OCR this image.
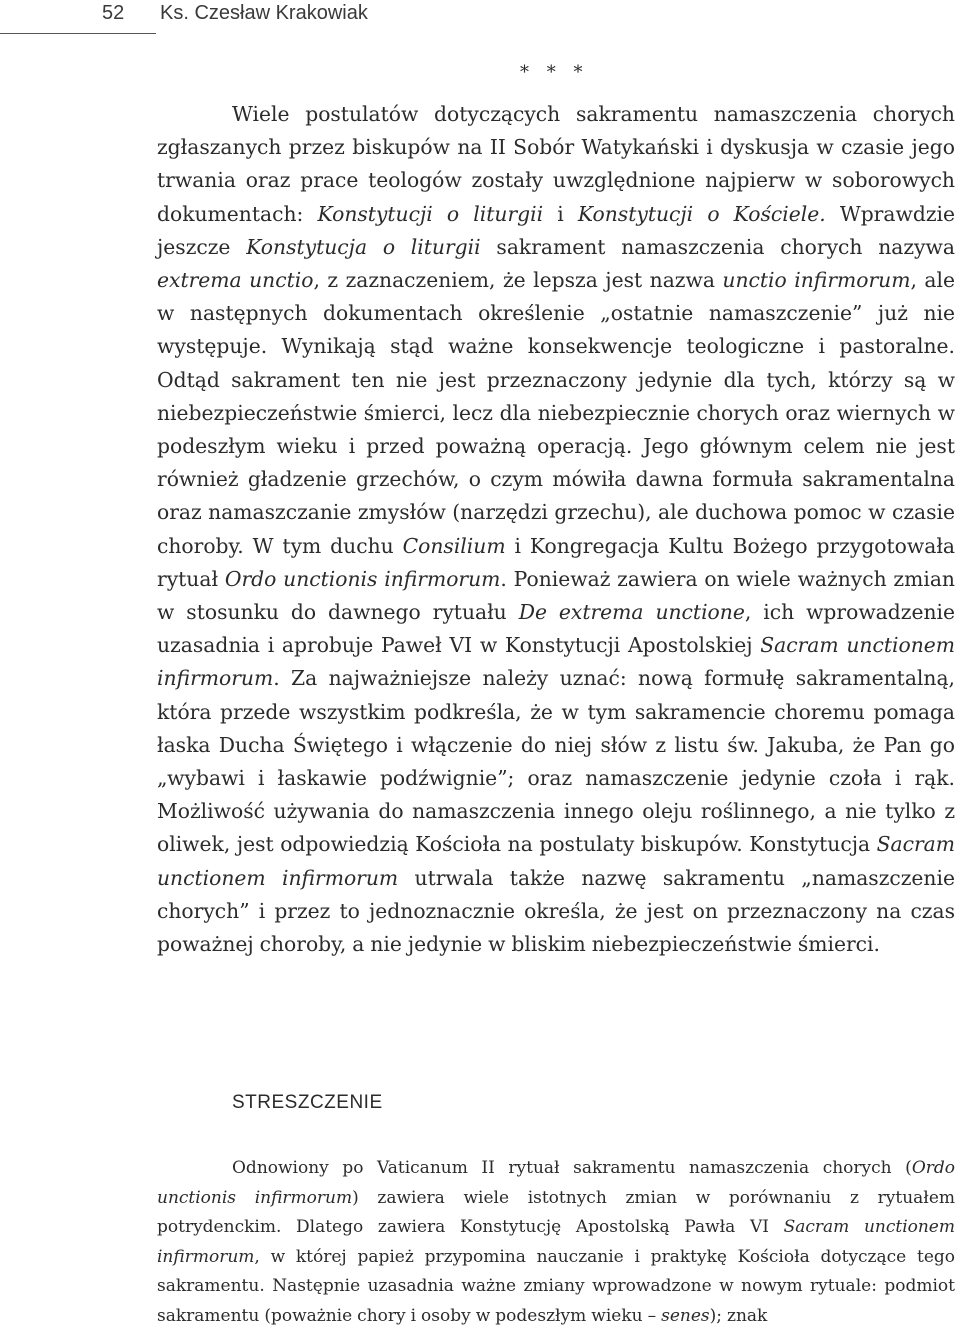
52 Ks. Czesław Krakowiak
* * *

Wiele postulatów dotyczących sakramentu namaszczenia chorych zgłaszanych przez biskupów na II Sobór Watykański i dyskusja w czasie jego trwania oraz prace teologów zostały uwzględnione najpierw w soborowych dokumentach: Konstytucji o liturgii i Konstytucji o Kościele. Wprawdzie jeszcze Konstytucja o liturgii sakrament namaszczenia chorych nazywa extrema unctio, z zaznaczeniem, że lepsza jest nazwa unctio infirmorum, ale w następnych dokumentach określenie „ostatnie namaszczenie” już nie występuje. Wynikają stąd ważne konsekwencje teologiczne i pastoralne. Odtąd sakrament ten nie jest przeznaczony jedynie dla tych, którzy są w niebezpieczeństwie śmierci, lecz dla niebezpiecznie chorych oraz wiernych w podeszłym wieku i przed poważną operacją. Jego głównym celem nie jest również gładzenie grzechów, o czym mówiła dawna formuła sakramentalna oraz namaszczanie zmysłów (narzędzi grzechu), ale duchowa pomoc w czasie choroby. W tym duchu Consilium i Kongregacja Kultu Bożego przygotowała rytuał Ordo unctionis infirmorum. Ponieważ zawiera on wiele ważnych zmian w stosunku do dawnego rytuału De extrema unctione, ich wprowadzenie uzasadnia i aprobuje Paweł VI w Konstytucji Apostolskiej Sacram unctionem infirmorum. Za najważniejsze należy uznać: nową formułę sakramentalną, która przede wszystkim podkreśla, że w tym sakramencie choremu pomaga łaska Ducha Świętego i włączenie do niej słów z listu św. Jakuba, że Pan go „wybawi i łaskawie podźwignie”; oraz namaszczenie jedynie czoła i rąk. Możliwość używania do namaszczenia innego oleju roślinnego, a nie tylko z oliwek, jest odpowiedzią Kościoła na postulaty biskupów. Konstytucja Sacram unctionem infirmorum utrwala także nazwę sakramentu „namaszczenie chorych” i przez to jednoznacznie określa, że jest on przeznaczony na czas poważnej choroby, a nie jedynie w bliskim niebezpieczeństwie śmierci.

STRESZCZENIE

Odnowiony po Vaticanum II rytuał sakramentu namaszczenia chorych (Ordo unctionis infirmorum) zawiera wiele istotnych zmian w porównaniu z rytuałem potrydenckim. Dlatego zawiera Konstytucję Apostolską Pawła VI Sacram unctionem infirmorum, w której papież przypomina nauczanie i praktykę Kościoła dotyczące tego sakramentu. Następnie uzasadnia ważne zmiany wprowadzone w nowym rytuale: podmiot sakramentu (poważnie chory i osoby w podeszłym wieku – senes); znak
